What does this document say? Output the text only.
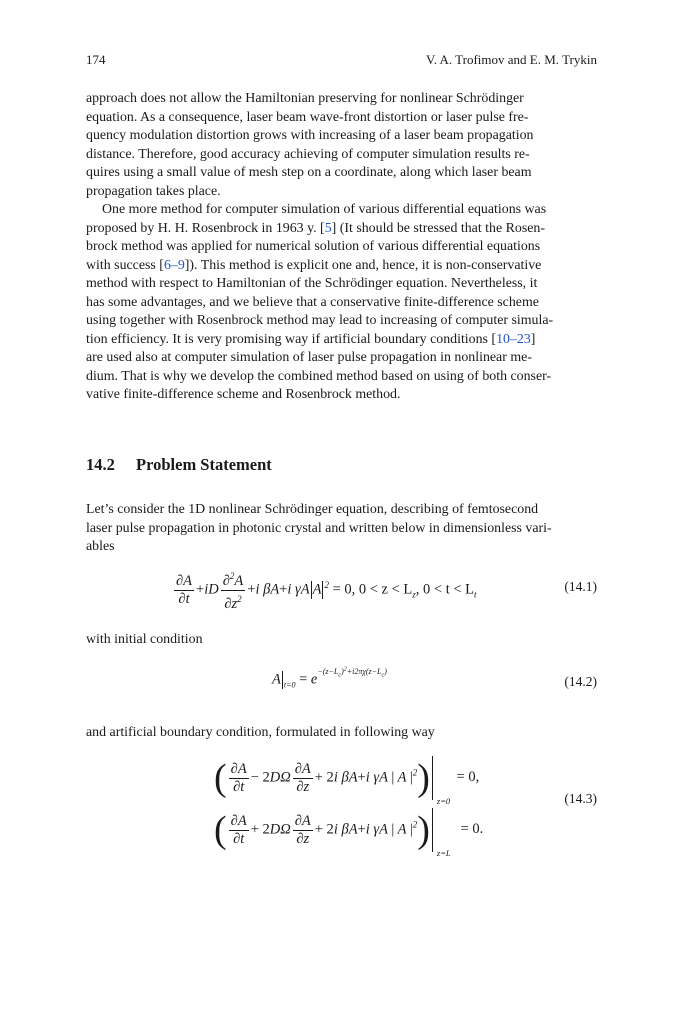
174	V. A. Trofimov and E. M. Trykin

approach does not allow the Hamiltonian preserving for nonlinear Schrödinger

equation. As a consequence, laser beam wave-front distortion or laser pulse fre-

quency modulation distortion grows with increasing of a laser beam propagation

distance. Therefore, good accuracy achieving of computer simulation results re-

quires using a small value of mesh step on a coordinate, along which laser beam

propagation takes place.

One more method for computer simulation of various differential equations was

proposed by H. H. Rosenbrock in 1963 y. [5] (It should be stressed that the Rosen-

brock method was applied for numerical solution of various differential equations

with success [6–9]). This method is explicit one and, hence, it is non-conservative

method with respect to Hamiltonian of the Schrödinger equation. Nevertheless, it

has some advantages, and we believe that a conservative finite-difference scheme

using together with Rosenbrock method may lead to increasing of computer simula-

tion efficiency. It is very promising way if artificial boundary conditions [10–23]

are used also at computer simulation of laser pulse propagation in nonlinear me-

dium. That is why we develop the combined method based on using of both conser-

vative finite-difference scheme and Rosenbrock method.

14.2 Problem Statement

Let’s consider the 1D nonlinear Schrödinger equation, describing of femtosecond

laser pulse propagation in photonic crystal and written below in dimensionless vari-

ables

$\frac{\partial A}{\partial t} +iD \frac{\partial^2A}{\partial z^2} +i$ βA+i γA A $^2$ = 0, $0 < z < L_z$, $0 < t < L_t$
(14.1)
with initial condition
A $_{t=0} = e^{-(z-L_c)^2+i2\pi\chi(z-L_c)}$
(14.2)
and artificial boundary condition, formulated in following way
( $\frac{\partial A}{\partial t} - 2D\Omega \frac{\partial A}{\partial z} + 2i$ βA+i γA | A $|^2$)
z=0
= 0,
(14.3)
( $\frac{\partial A}{\partial t} + 2D\Omega \frac{\partial A}{\partial z} + 2i$ βA+i γA | A $|^2$)
z=L
= 0.
